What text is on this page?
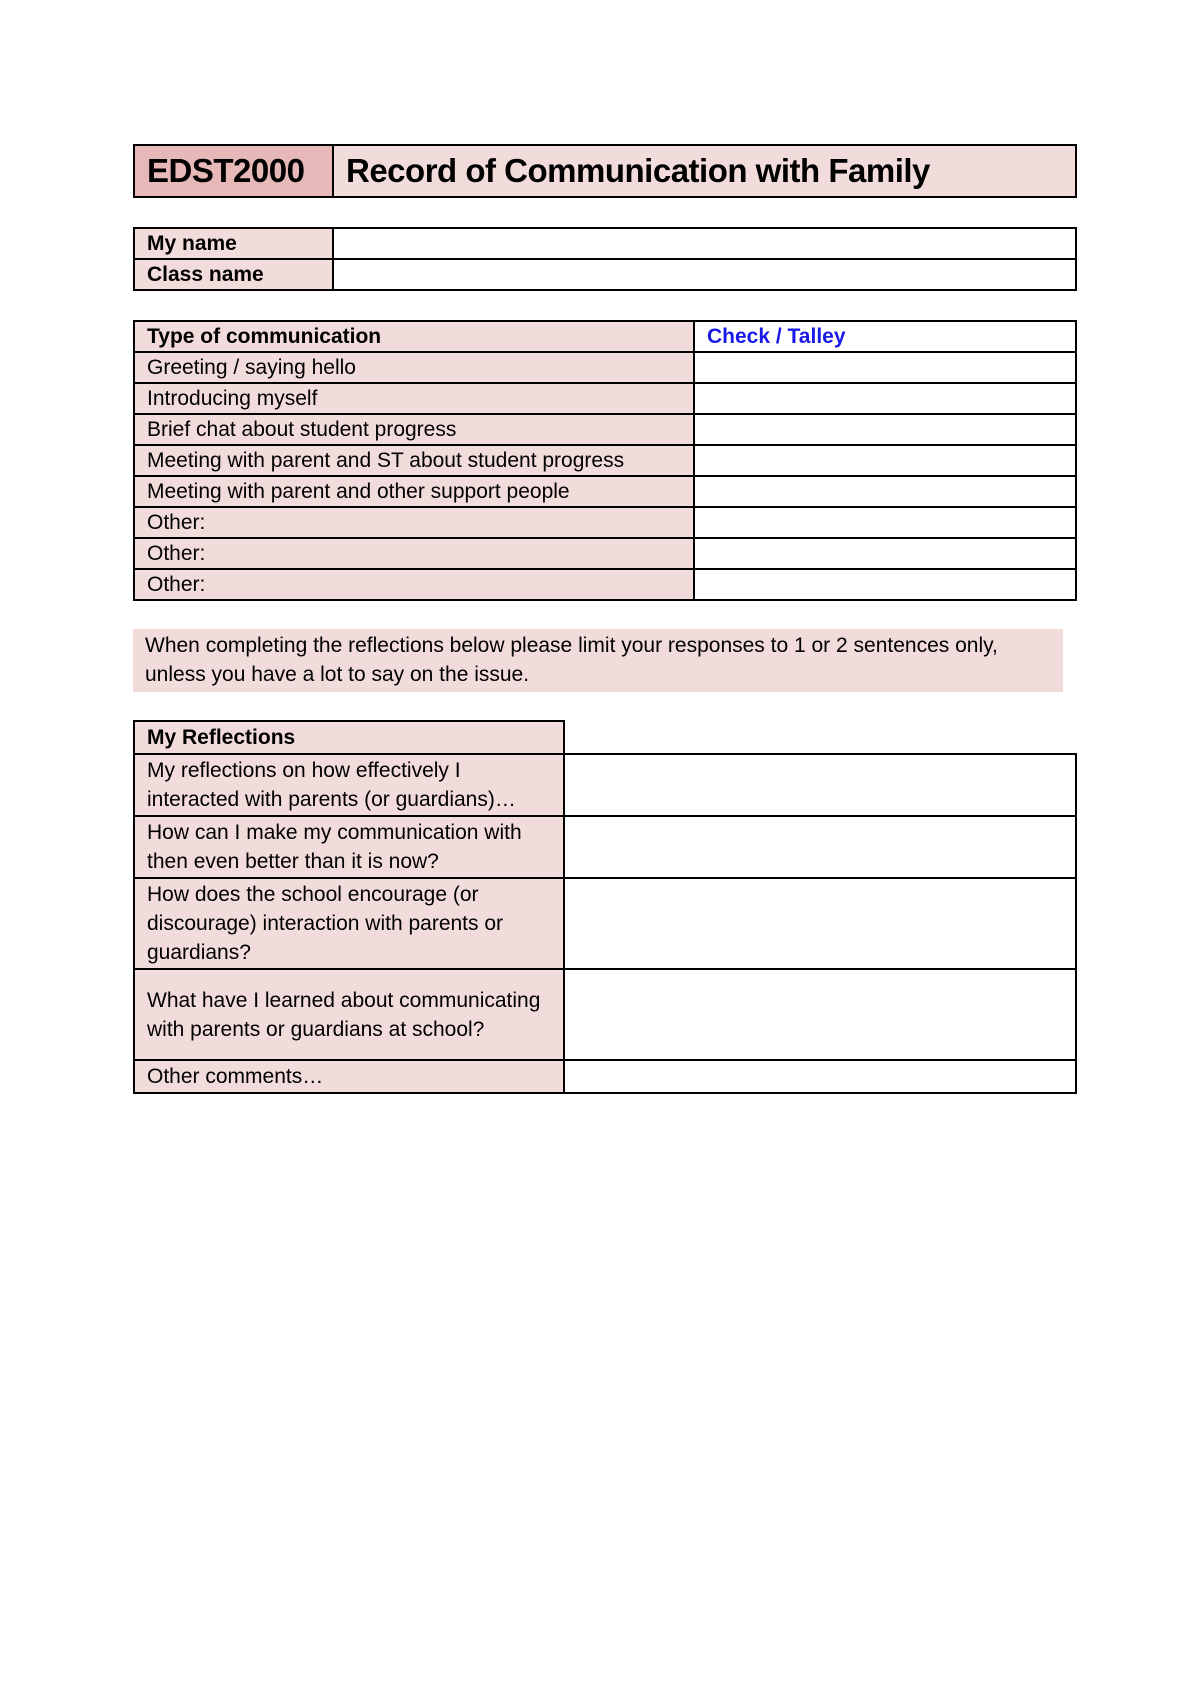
EDST2000	Record of Communication with Family
My name	
Class name	
Type of communication	Check / Talley
Greeting / saying hello	
Introducing myself	
Brief chat about student progress	
Meeting with parent and ST about student progress	
Meeting with parent and other support people	
Other:	
Other:	
Other:	
When completing the reflections below please limit your responses to 1 or 2 sentences only, unless you have a lot to say on the issue.
My Reflections	
My reflections on how effectively I interacted with parents (or guardians)…	
How can I make my communication with then even better than it is now?	
How does the school encourage (or discourage) interaction with parents or guardians?	
What have I learned about communicating with parents or guardians at school?	
Other comments…	
